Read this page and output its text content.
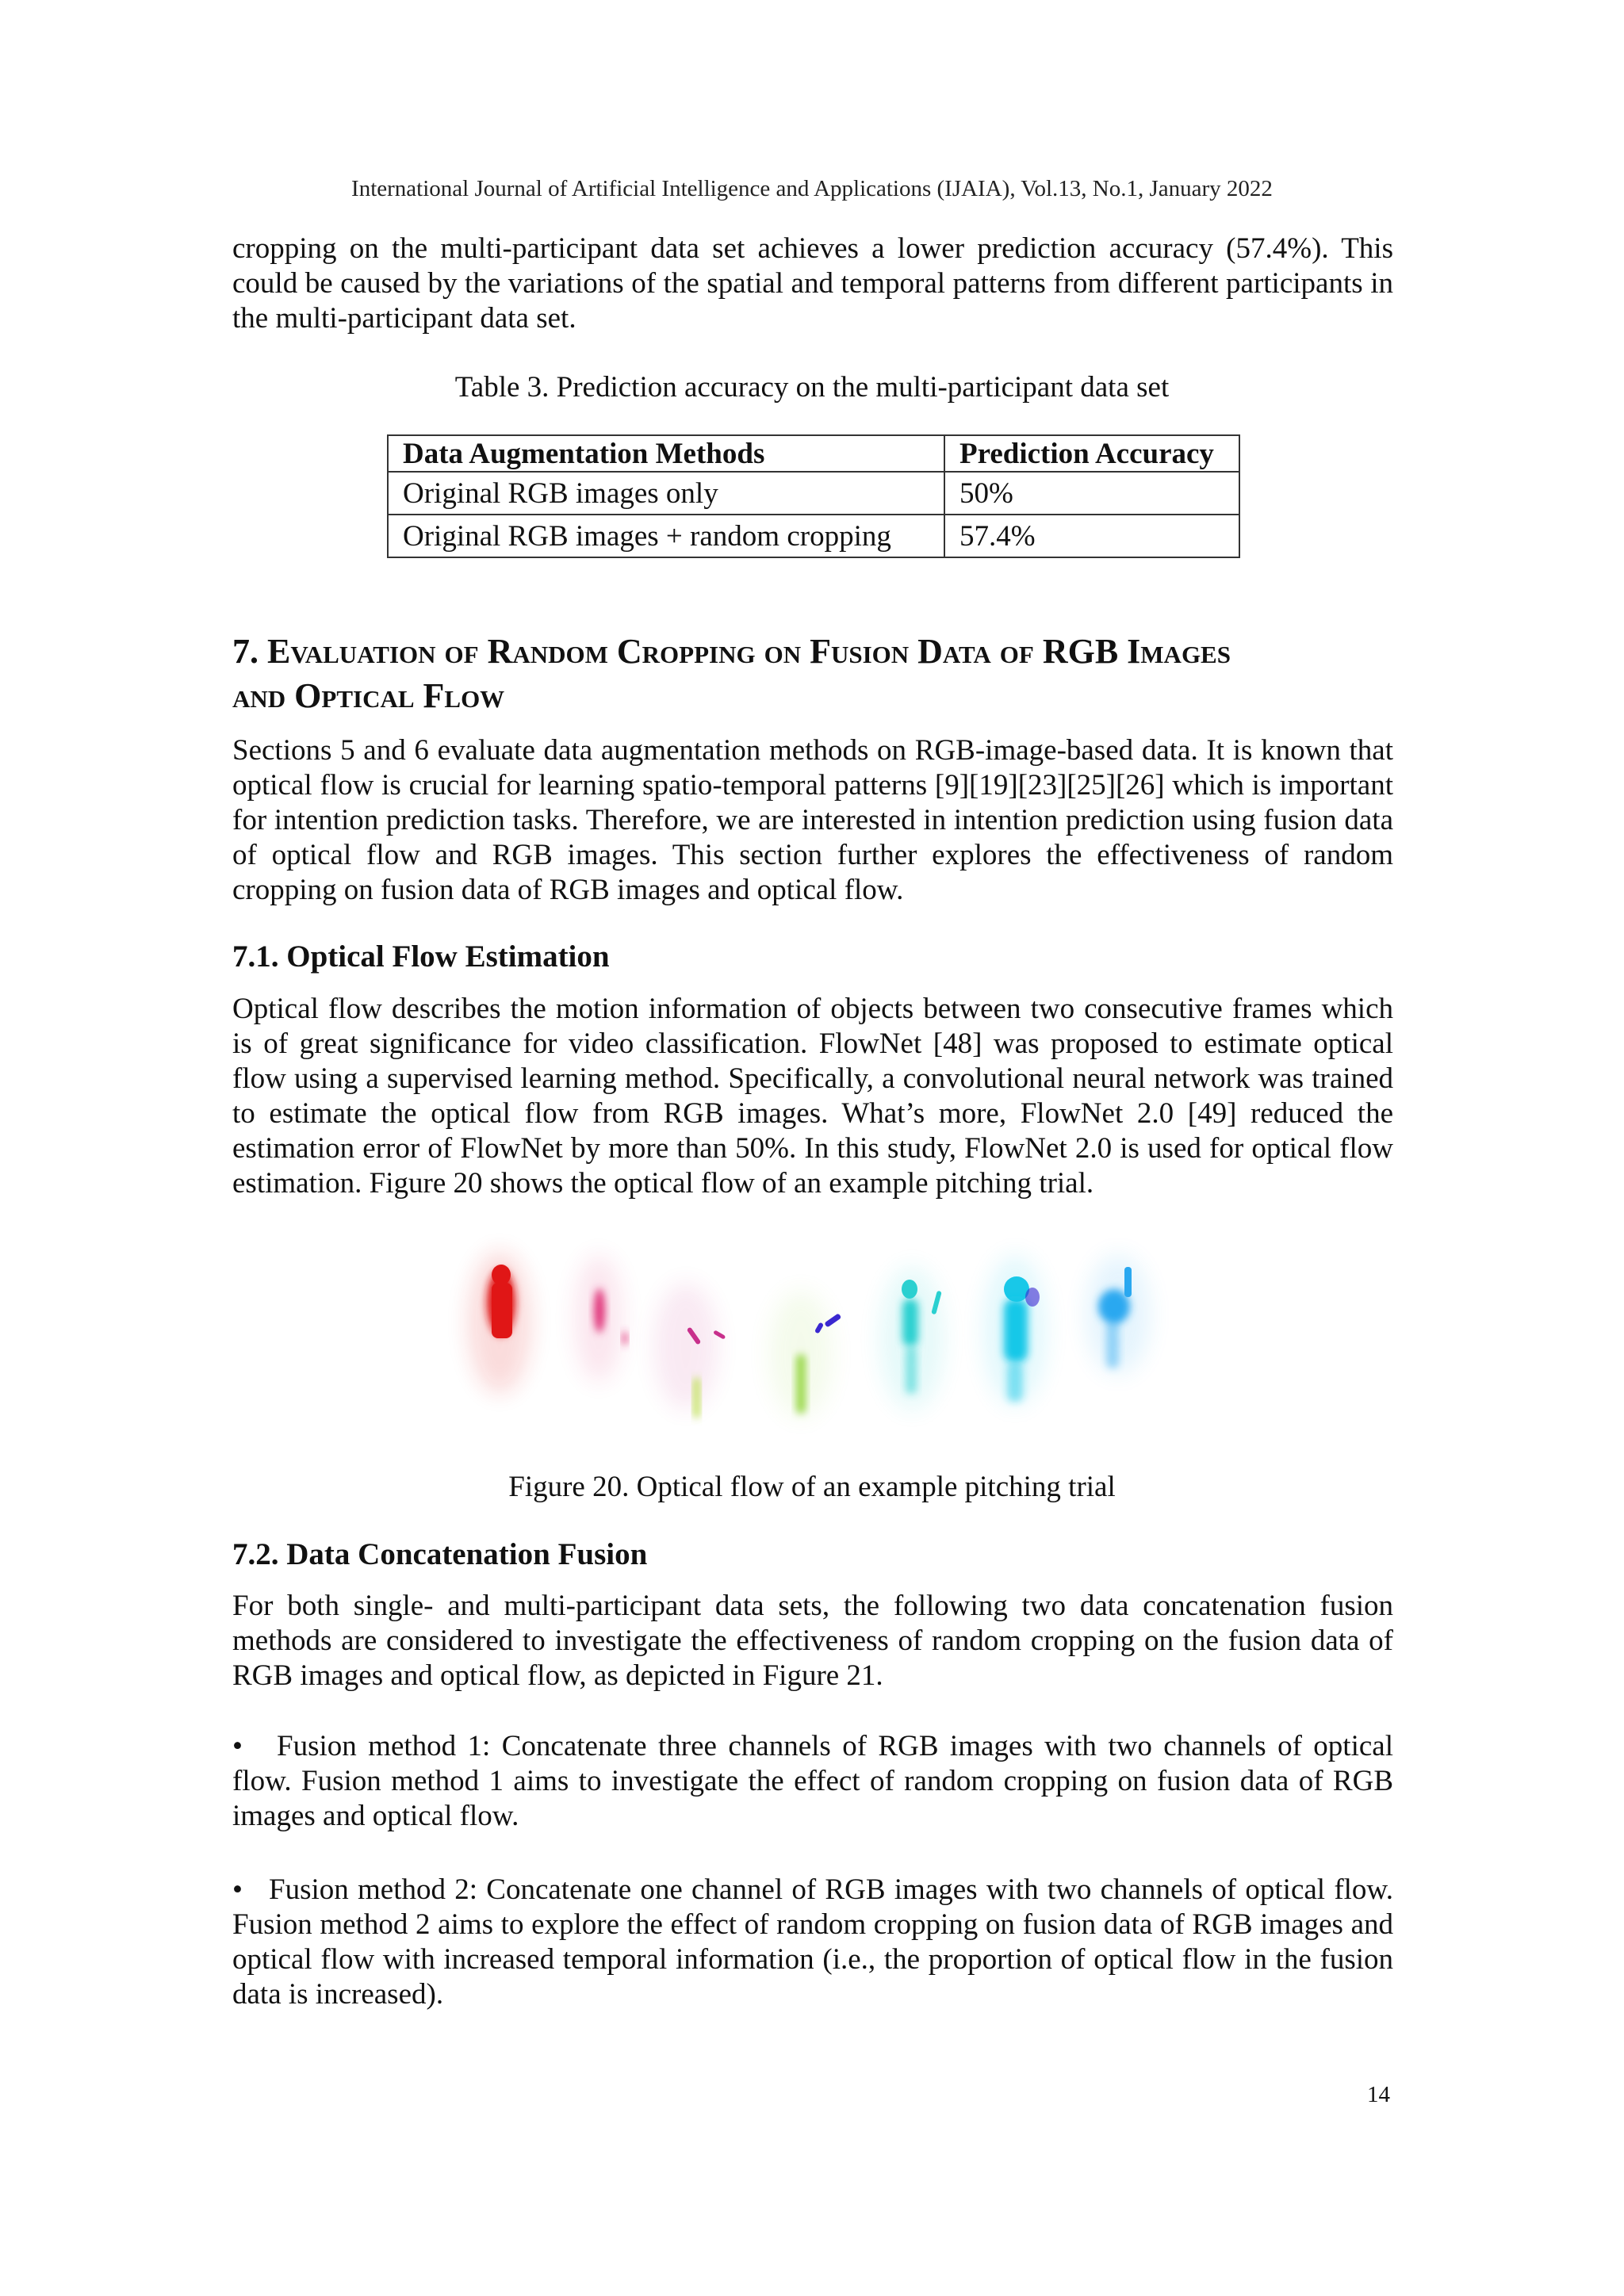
International Journal of Artificial Intelligence and Applications (IJAIA), Vol.13, No.1, January 2022

cropping on the multi-participant data set achieves a lower prediction accuracy (57.4%). This could be caused by the variations of the spatial and temporal patterns from different participants in the multi-participant data set.

Table 3. Prediction accuracy on the multi-participant data set
Data Augmentation Methods	Prediction Accuracy
Original RGB images only	50%
Original RGB images + random cropping	57.4%
7. Evaluation of Random Cropping on Fusion Data of RGB Images
and Optical Flow

Sections 5 and 6 evaluate data augmentation methods on RGB-image-based data. It is known that optical flow is crucial for learning spatio-temporal patterns [9][19][23][25][26] which is important for intention prediction tasks. Therefore, we are interested in intention prediction using fusion data of optical flow and RGB images. This section further explores the effectiveness of random cropping on fusion data of RGB images and optical flow.

7.1. Optical Flow Estimation

Optical flow describes the motion information of objects between two consecutive frames which is of great significance for video classification. FlowNet [48] was proposed to estimate optical flow using a supervised learning method. Specifically, a convolutional neural network was trained to estimate the optical flow from RGB images. What’s more, FlowNet 2.0 [49] reduced the estimation error of FlowNet by more than 50%. In this study, FlowNet 2.0 is used for optical flow estimation. Figure 20 shows the optical flow of an example pitching trial.

Figure 20. Optical flow of an example pitching trial
7.2. Data Concatenation Fusion

For both single- and multi-participant data sets, the following two data concatenation fusion methods are considered to investigate the effectiveness of random cropping on the fusion data of RGB images and optical flow, as depicted in Figure 21.

• Fusion method 1: Concatenate three channels of RGB images with two channels of optical flow. Fusion method 1 aims to investigate the effect of random cropping on fusion data of RGB images and optical flow.

• Fusion method 2: Concatenate one channel of RGB images with two channels of optical flow. Fusion method 2 aims to explore the effect of random cropping on fusion data of RGB images and optical flow with increased temporal information (i.e., the proportion of optical flow in the fusion data is increased).

14
